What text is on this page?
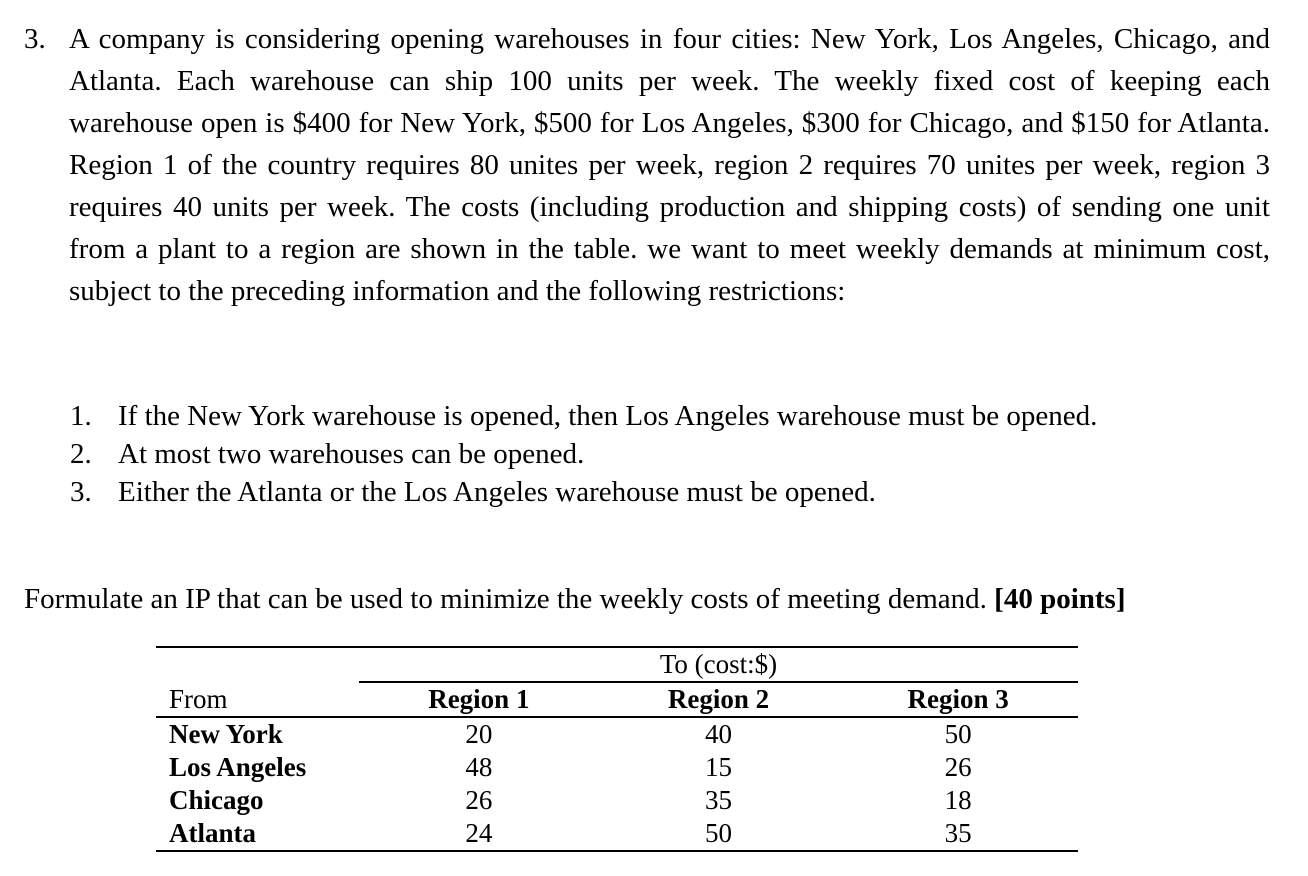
3. A company is considering opening warehouses in four cities: New York, Los Angeles, Chicago, and Atlanta. Each warehouse can ship 100 units per week. The weekly fixed cost of keeping each warehouse open is $400 for New York, $500 for Los Angeles, $300 for Chicago, and $150 for Atlanta. Region 1 of the country requires 80 unites per week, region 2 requires 70 unites per week, region 3 requires 40 units per week. The costs (including production and shipping costs) of sending one unit from a plant to a region are shown in the table. we want to meet weekly demands at minimum cost, subject to the preceding information and the following restrictions:
1. If the New York warehouse is opened, then Los Angeles warehouse must be opened.
2. At most two warehouses can be opened.
3. Either the Atlanta or the Los Angeles warehouse must be opened.
Formulate an IP that can be used to minimize the weekly costs of meeting demand. [40 points]
	To (cost:$)		
From	Region 1	Region 2	Region 3
New York	20	40	50
Los Angeles	48	15	26
Chicago	26	35	18
Atlanta	24	50	35
